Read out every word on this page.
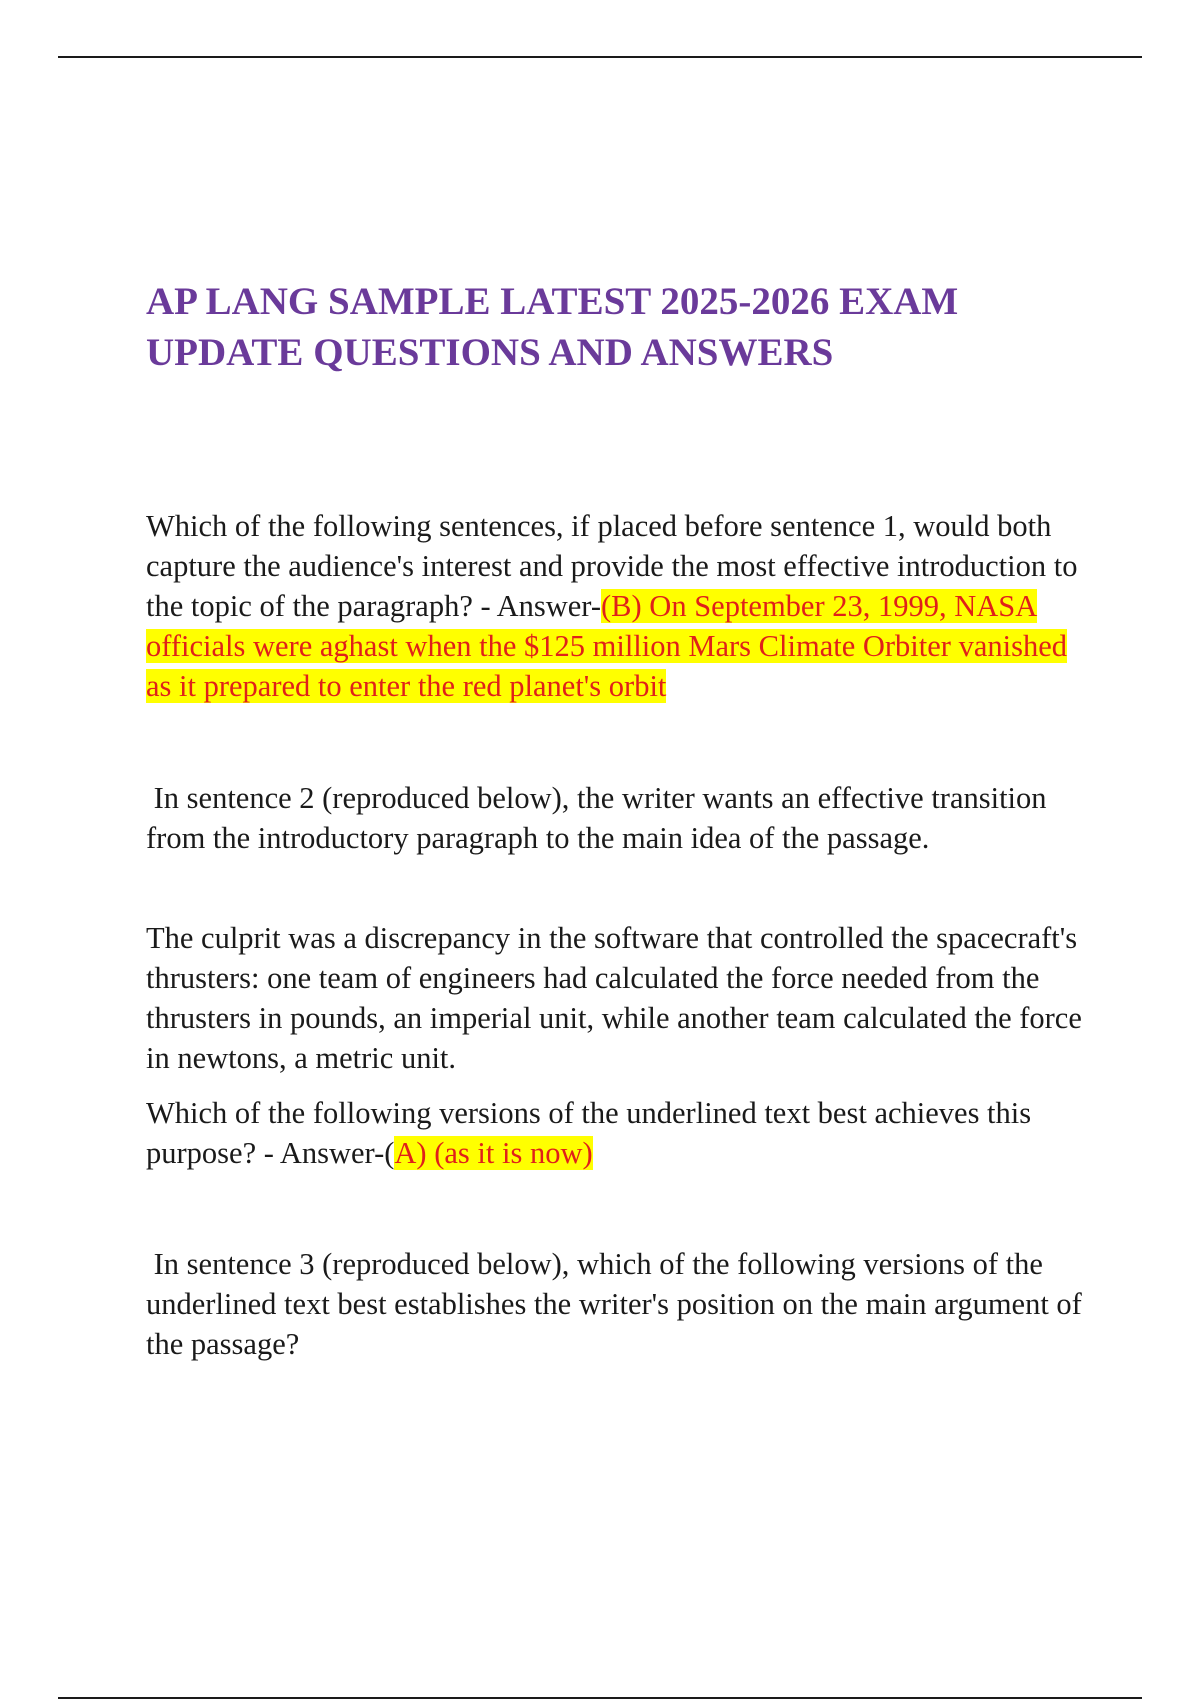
AP LANG SAMPLE LATEST 2025-2026 EXAM UPDATE QUESTIONS AND ANSWERS

Which of the following sentences, if placed before sentence 1, would both capture the audience's interest and provide the most effective introduction to the topic of the paragraph? - Answer-(B) On September 23, 1999, NASA officials were aghast when the $125 million Mars Climate Orbiter vanished as it prepared to enter the red planet's orbit

In sentence 2 (reproduced below), the writer wants an effective transition from the introductory paragraph to the main idea of the passage.

The culprit was a discrepancy in the software that controlled the spacecraft's thrusters: one team of engineers had calculated the force needed from the thrusters in pounds, an imperial unit, while another team calculated the force in newtons, a metric unit.

Which of the following versions of the underlined text best achieves this purpose? - Answer-(A) (as it is now)

In sentence 3 (reproduced below), which of the following versions of the underlined text best establishes the writer's position on the main argument of the passage?
